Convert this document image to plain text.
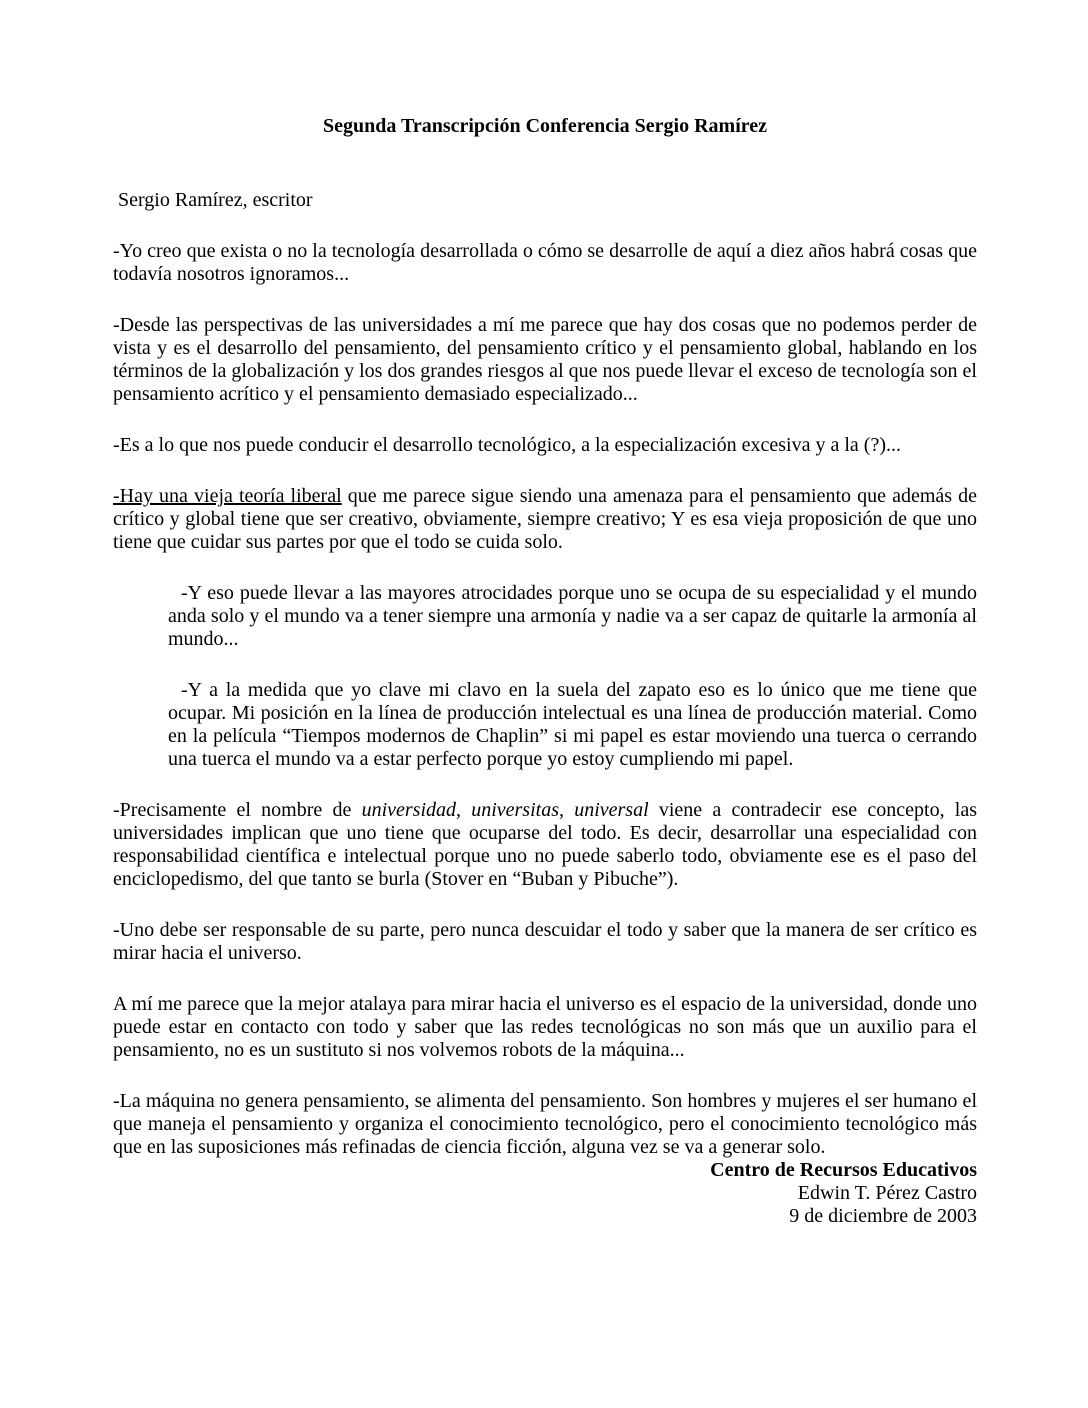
Segunda Transcripción Conferencia Sergio Ramírez

Sergio Ramírez, escritor

-Yo creo que exista o no la tecnología desarrollada o cómo se desarrolle de aquí a diez años habrá cosas que todavía nosotros ignoramos...

-Desde las perspectivas de las universidades a mí me parece que hay dos cosas que no podemos perder de vista y es el desarrollo del pensamiento, del pensamiento crítico y el pensamiento global, hablando en los términos de la globalización y los dos grandes riesgos al que nos puede llevar el exceso de tecnología son el pensamiento acrítico y el pensamiento demasiado especializado...

-Es a lo que nos puede conducir el desarrollo tecnológico, a la especialización excesiva y a la (?)...

-Hay una vieja teoría liberal que me parece sigue siendo una amenaza para el pensamiento que además de crítico y global tiene que ser creativo, obviamente, siempre creativo; Y es esa vieja proposición de que uno tiene que cuidar sus partes por que el todo se cuida solo.

-Y eso puede llevar a las mayores atrocidades porque uno se ocupa de su especialidad y el mundo anda solo y el mundo va a tener siempre una armonía y nadie va a ser capaz de quitarle la armonía al mundo...

-Y a la medida que yo clave mi clavo en la suela del zapato eso es lo único que me tiene que ocupar. Mi posición en la línea de producción intelectual es una línea de producción material. Como en la película “Tiempos modernos de Chaplin” si mi papel es estar moviendo una tuerca o cerrando una tuerca el mundo va a estar perfecto porque yo estoy cumpliendo mi papel.

-Precisamente el nombre de universidad, universitas, universal viene a contradecir ese concepto, las universidades implican que uno tiene que ocuparse del todo. Es decir, desarrollar una especialidad con responsabilidad científica e intelectual porque uno no puede saberlo todo, obviamente ese es el paso del enciclopedismo, del que tanto se burla (Stover en “Buban y Pibuche”).

-Uno debe ser responsable de su parte, pero nunca descuidar el todo y saber que la manera de ser crítico es mirar hacia el universo.

A mí me parece que la mejor atalaya para mirar hacia el universo es el espacio de la universidad, donde uno puede estar en contacto con todo y saber que las redes tecnológicas no son más que un auxilio para el pensamiento, no es un sustituto si nos volvemos robots de la máquina...

-La máquina no genera pensamiento, se alimenta del pensamiento. Son hombres y mujeres el ser humano el que maneja el pensamiento y organiza el conocimiento tecnológico, pero el conocimiento tecnológico más que en las suposiciones más refinadas de ciencia ficción, alguna vez se va a generar solo.

Centro de Recursos Educativos
Edwin T. Pérez Castro
9 de diciembre de 2003
